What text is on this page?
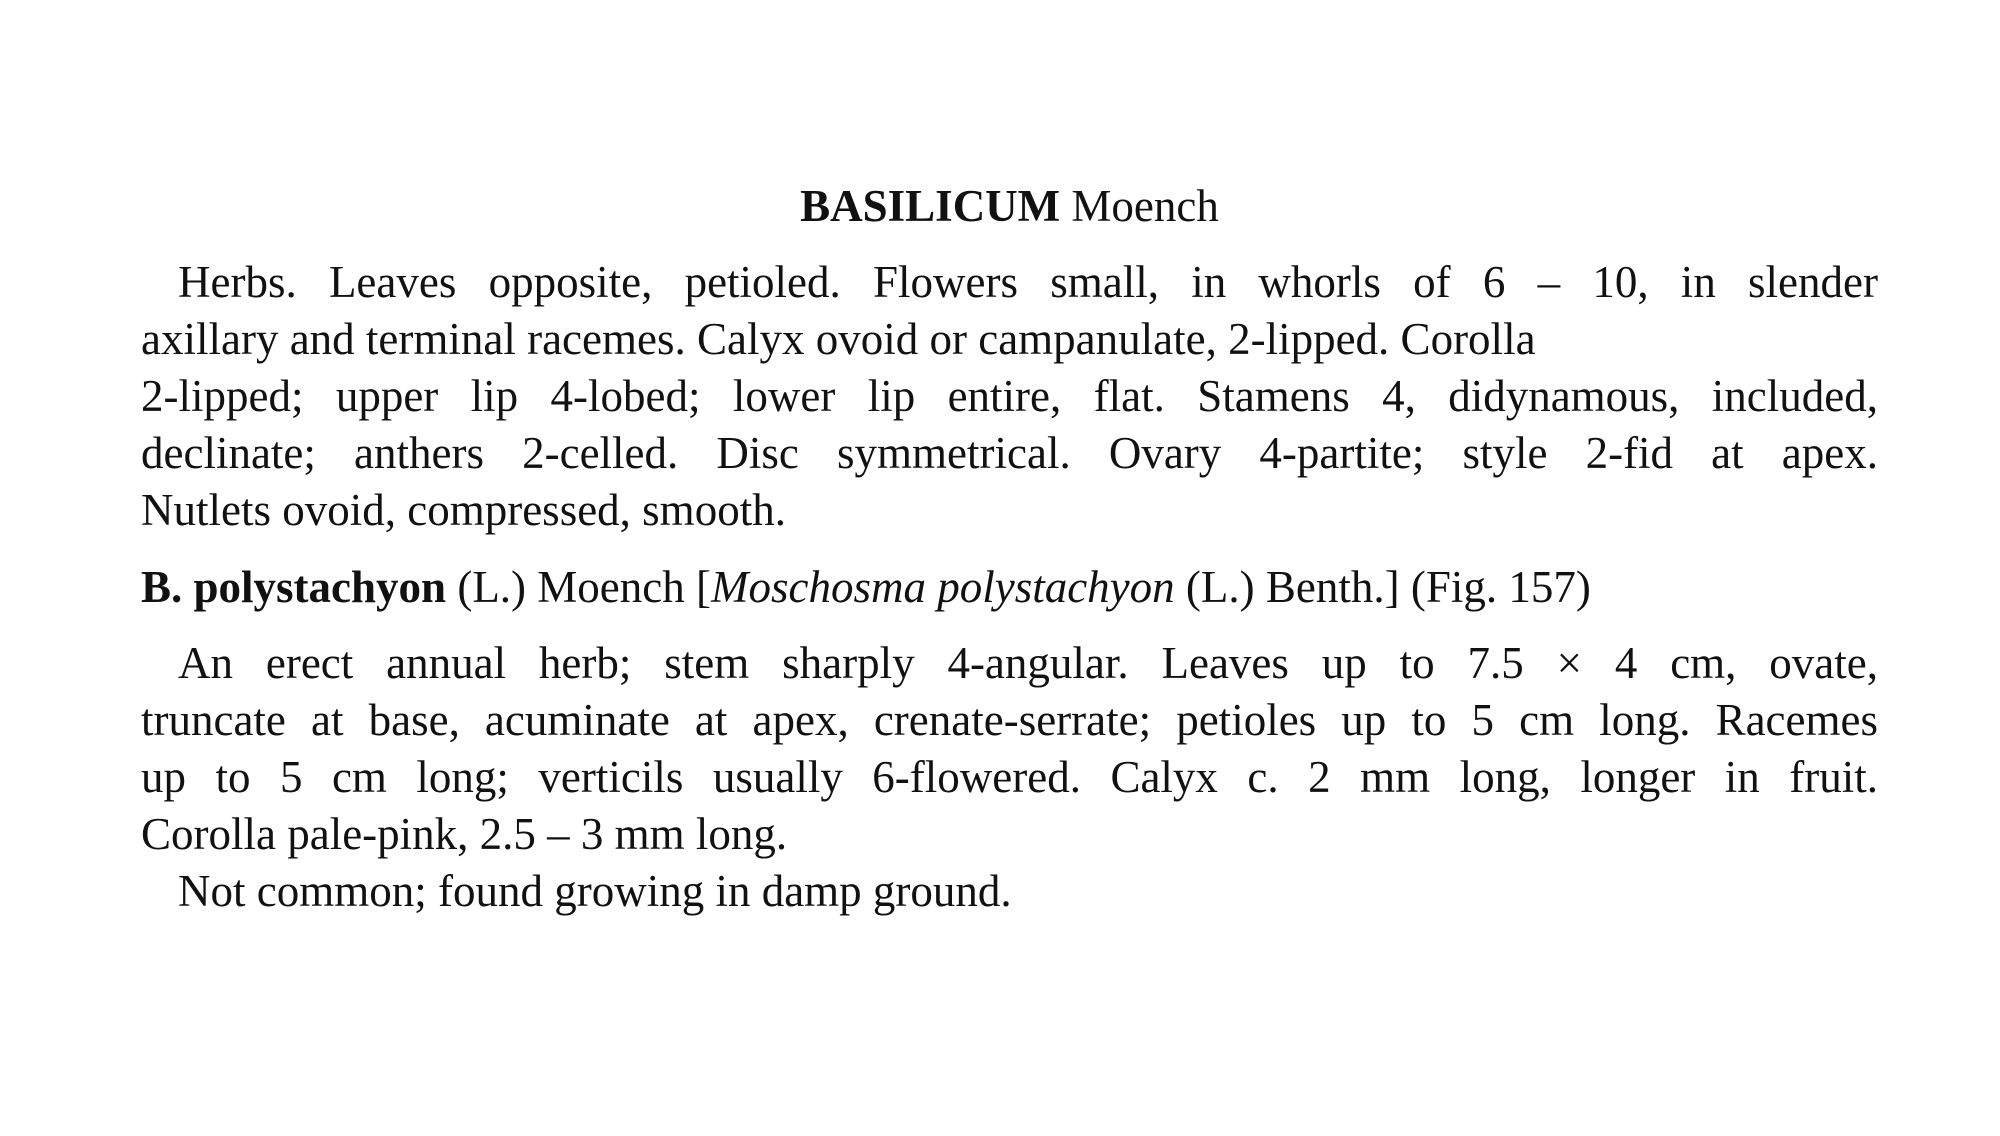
BASILICUM Moench
Herbs. Leaves opposite, petioled. Flowers small, in whorls of 6 – 10, in slender
axillary and terminal racemes. Calyx ovoid or campanulate, 2-lipped. Corolla
2-lipped; upper lip 4-lobed; lower lip entire, flat. Stamens 4, didynamous, included,
declinate; anthers 2-celled. Disc symmetrical. Ovary 4-partite; style 2-fid at apex.
Nutlets ovoid, compressed, smooth.
B. polystachyon (L.) Moench [Moschosma polystachyon (L.) Benth.] (Fig. 157)
An erect annual herb; stem sharply 4-angular. Leaves up to 7.5 × 4 cm, ovate,
truncate at base, acuminate at apex, crenate-serrate; petioles up to 5 cm long. Racemes
up to 5 cm long; verticils usually 6-flowered. Calyx c. 2 mm long, longer in fruit.
Corolla pale-pink, 2.5 – 3 mm long.
Not common; found growing in damp ground.
